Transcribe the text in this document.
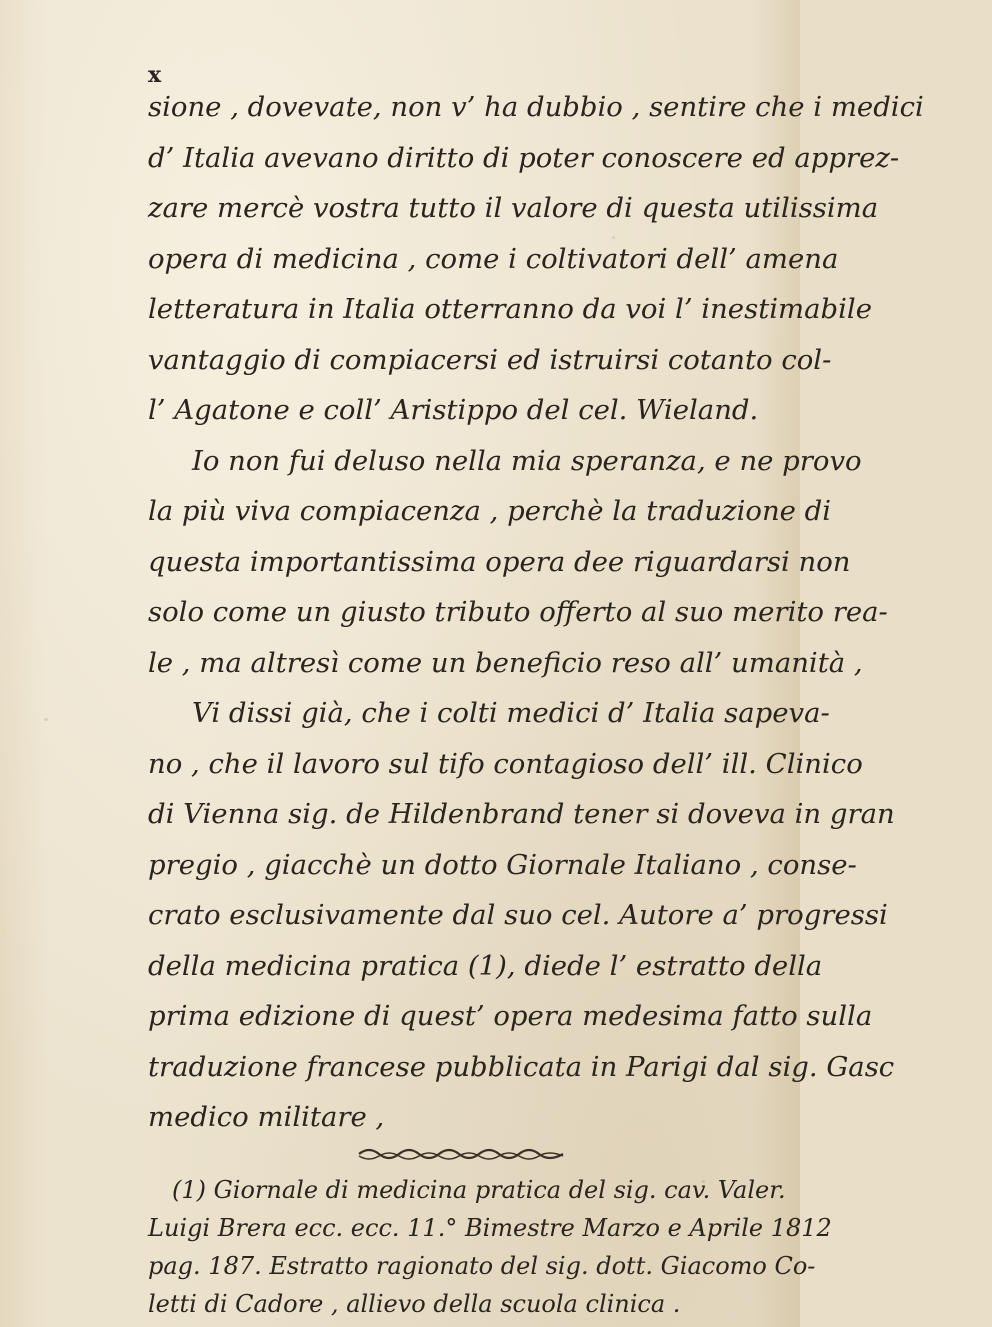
x
sione , dovevate, non v’ ha dubbio , sentire che i medici
d’ Italia avevano diritto di poter conoscere ed apprez-
zare mercè vostra tutto il valore di questa utilissima
opera di medicina , come i coltivatori dell’ amena
letteratura in Italia otterranno da voi l’ inestimabile
vantaggio di compiacersi ed istruirsi cotanto col-
l’ Agatone e coll’ Aristippo del cel. Wieland.
Io non fui deluso nella mia speranza, e ne provo
la più viva compiacenza , perchè la traduzione di
questa importantissima opera dee riguardarsi non
solo come un giusto tributo offerto al suo merito rea-
le , ma altresì come un beneficio reso all’ umanità ,
Vi dissi già, che i colti medici d’ Italia sapeva-
no , che il lavoro sul tifo contagioso dell’ ill. Clinico
di Vienna sig. de Hildenbrand tener si doveva in gran
pregio , giacchè un dotto Giornale Italiano , conse-
crato esclusivamente dal suo cel. Autore a’ progressi
della medicina pratica (1), diede l’ estratto della
prima edizione di quest’ opera medesima fatto sulla
traduzione francese pubblicata in Parigi dal sig. Gasc
medico militare ,
(1) Giornale di medicina pratica del sig. cav. Valer.
Luigi Brera ecc. ecc. 11.° Bimestre Marzo e Aprile 1812
pag. 187. Estratto ragionato del sig. dott. Giacomo Co-
letti di Cadore , allievo della scuola clinica .
